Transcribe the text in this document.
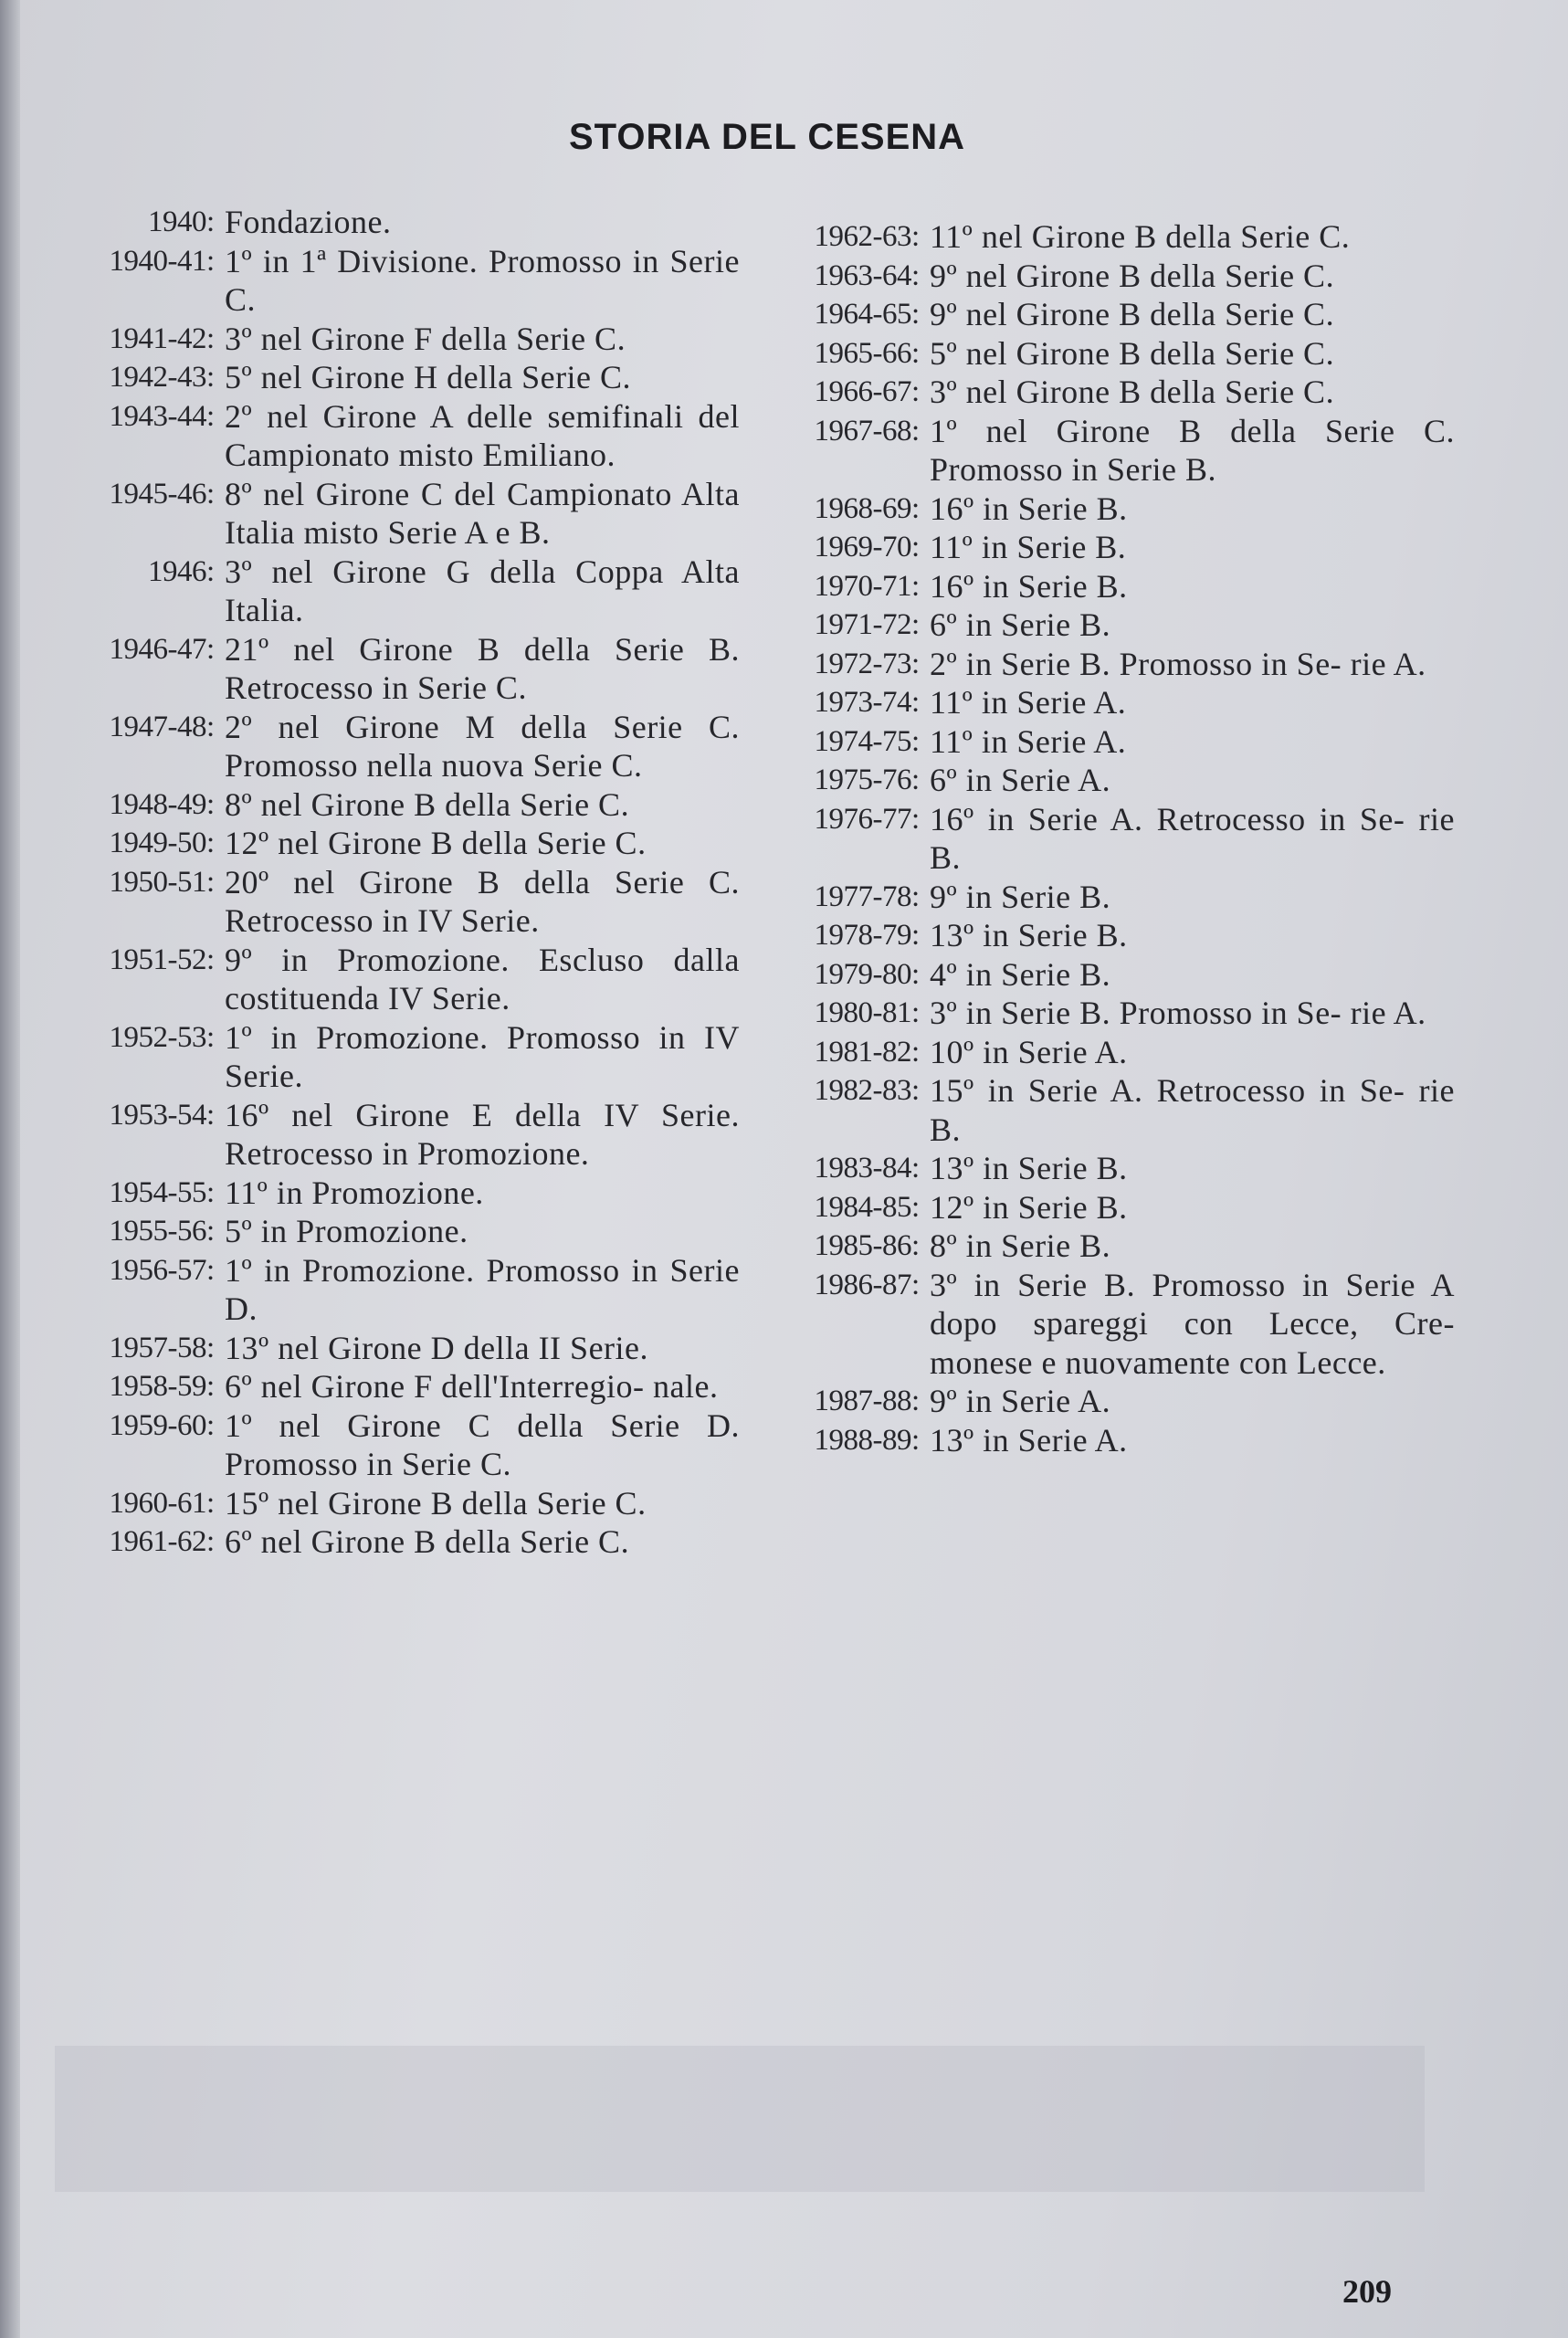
STORIA DEL CESENA
1940 : Fondazione.
1940-41 : 1º in 1ª Divisione. Promosso in Serie C.
1941-42 : 3º nel Girone F della Serie C.
1942-43 : 5º nel Girone H della Serie C.
1943-44 : 2º nel Girone A delle semifinali del Campionato misto Emiliano.
1945-46 : 8º nel Girone C del Campionato Alta Italia misto Serie A e B.
1946 : 3º nel Girone G della Coppa Alta Italia.
1946-47 : 21º nel Girone B della Serie B. Retrocesso in Serie C.
1947-48 : 2º nel Girone M della Serie C. Promosso nella nuova Serie C.
1948-49 : 8º nel Girone B della Serie C.
1949-50 : 12º nel Girone B della Serie C.
1950-51 : 20º nel Girone B della Serie C. Retrocesso in IV Serie.
1951-52 : 9º in Promozione. Escluso dalla costituenda IV Serie.
1952-53 : 1º in Promozione. Promosso in IV Serie.
1953-54 : 16º nel Girone E della IV Serie. Retrocesso in Promozione.
1954-55 : 11º in Promozione.
1955-56 : 5º in Promozione.
1956-57 : 1º in Promozione. Promosso in Serie D.
1957-58 : 13º nel Girone D della II Serie.
1958-59 : 6º nel Girone F dell'Interregio- nale.
1959-60 : 1º nel Girone C della Serie D. Promosso in Serie C.
1960-61 : 15º nel Girone B della Serie C.
1961-62 : 6º nel Girone B della Serie C.
1962-63 : 11º nel Girone B della Serie C.
1963-64 : 9º nel Girone B della Serie C.
1964-65 : 9º nel Girone B della Serie C.
1965-66 : 5º nel Girone B della Serie C.
1966-67 : 3º nel Girone B della Serie C.
1967-68 : 1º nel Girone B della Serie C. Promosso in Serie B.
1968-69 : 16º in Serie B.
1969-70 : 11º in Serie B.
1970-71 : 16º in Serie B.
1971-72 : 6º in Serie B.
1972-73 : 2º in Serie B. Promosso in Se- rie A.
1973-74 : 11º in Serie A.
1974-75 : 11º in Serie A.
1975-76 : 6º in Serie A.
1976-77 : 16º in Serie A. Retrocesso in Se- rie B.
1977-78 : 9º in Serie B.
1978-79 : 13º in Serie B.
1979-80 : 4º in Serie B.
1980-81 : 3º in Serie B. Promosso in Se- rie A.
1981-82 : 10º in Serie A.
1982-83 : 15º in Serie A. Retrocesso in Se- rie B.
1983-84 : 13º in Serie B.
1984-85 : 12º in Serie B.
1985-86 : 8º in Serie B.
1986-87 : 3º in Serie B. Promosso in Serie A dopo spareggi con Lecce, Cre- monese e nuovamente con Lecce.
1987-88 : 9º in Serie A.
1988-89 : 13º in Serie A.
209
